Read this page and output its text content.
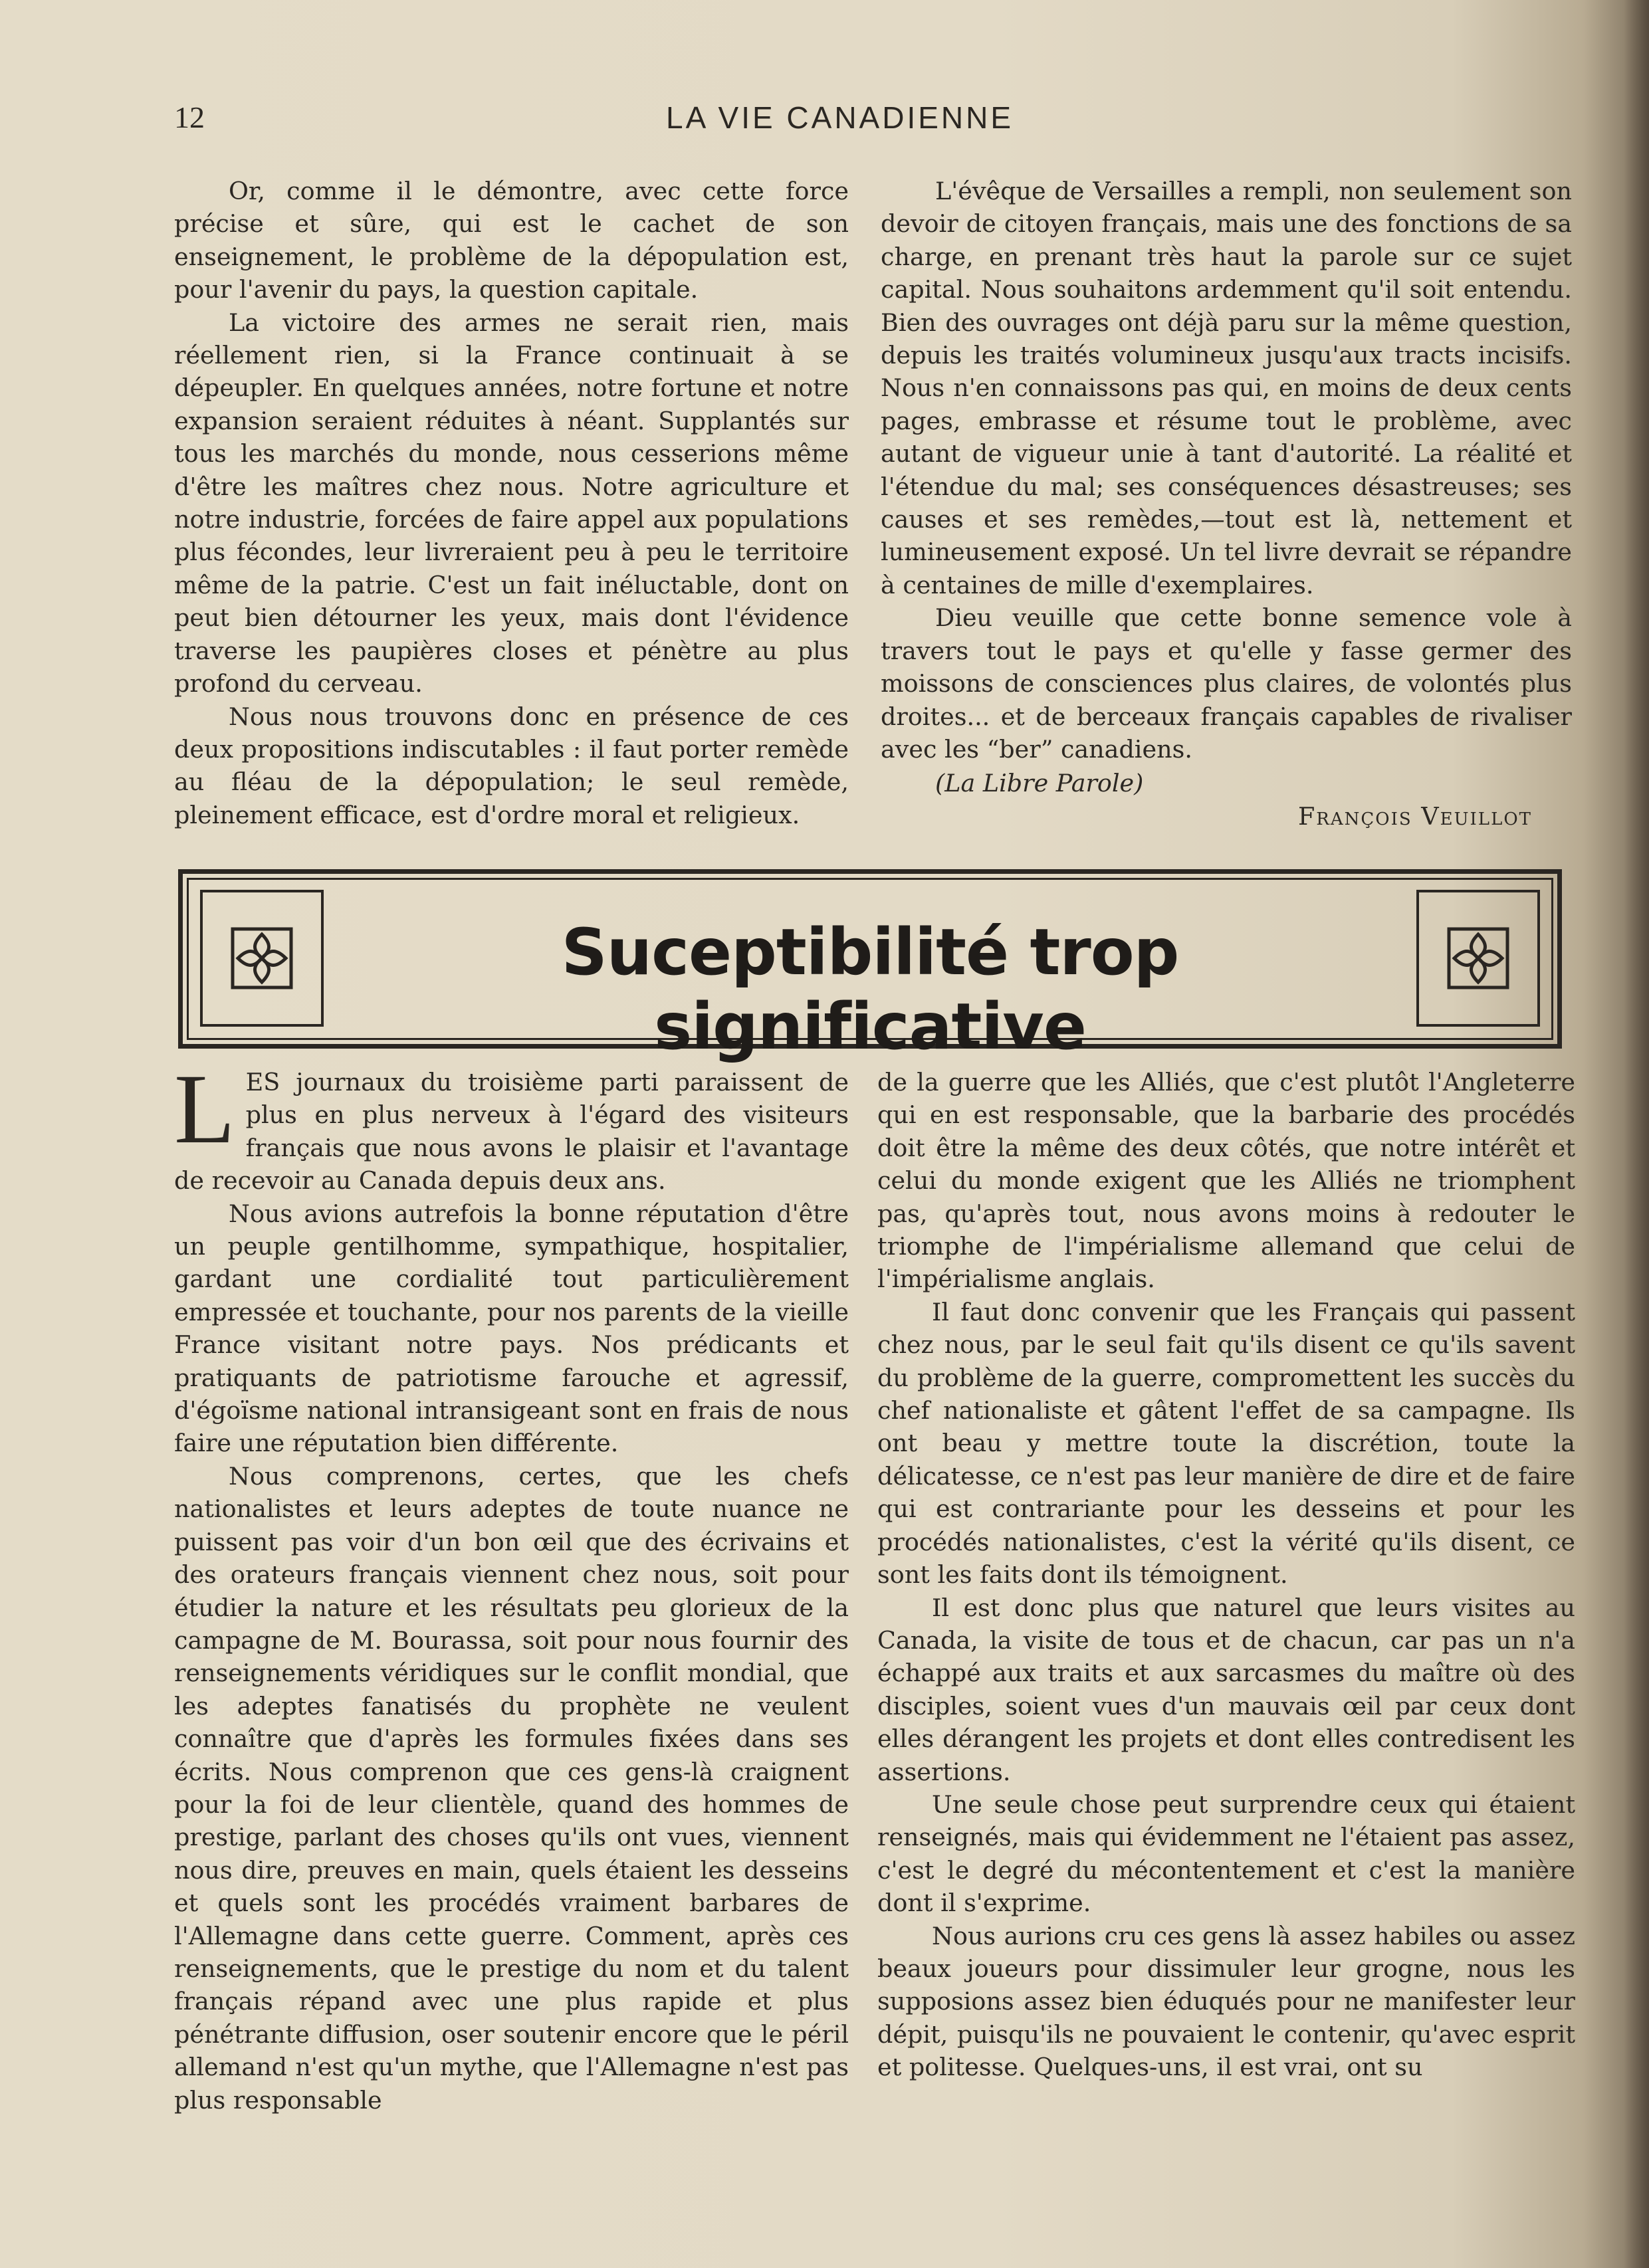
12	LA VIE CANADIENNE

Or, comme il le démontre, avec cette force précise et sûre, qui est le cachet de son enseignement, le problème de la dépopulation est, pour l'avenir du pays, la question capitale.

La victoire des armes ne serait rien, mais réellement rien, si la France continuait à se dépeupler. En quelques années, notre fortune et notre expansion seraient réduites à néant. Supplantés sur tous les marchés du monde, nous cesserions même d'être les maîtres chez nous. Notre agriculture et notre industrie, forcées de faire appel aux populations plus fécondes, leur livreraient peu à peu le territoire même de la patrie. C'est un fait inéluctable, dont on peut bien détourner les yeux, mais dont l'évidence traverse les paupières closes et pénètre au plus profond du cerveau.

Nous nous trouvons donc en présence de ces deux propositions indiscutables : il faut porter remède au fléau de la dépopulation; le seul remède, pleinement efficace, est d'ordre moral et religieux.

L'évêque de Versailles a rempli, non seulement son devoir de citoyen français, mais une des fonctions de sa charge, en prenant très haut la parole sur ce sujet capital. Nous souhaitons ardemment qu'il soit entendu. Bien des ouvrages ont déjà paru sur la même question, depuis les traités volumineux jusqu'aux tracts incisifs. Nous n'en connaissons pas qui, en moins de deux cents pages, embrasse et résume tout le problème, avec autant de vigueur unie à tant d'autorité. La réalité et l'étendue du mal; ses conséquences désastreuses; ses causes et ses remèdes,—tout est là, nettement et lumineusement exposé. Un tel livre devrait se répandre à centaines de mille d'exemplaires.

Dieu veuille que cette bonne semence vole à travers tout le pays et qu'elle y fasse germer des moissons de consciences plus claires, de volontés plus droites... et de berceaux français capables de rivaliser avec les “ber” canadiens.

(La Libre Parole)

François Veuillot

Suceptibilité trop significative

LES journaux du troisième parti paraissent de plus en plus nerveux à l'égard des visiteurs français que nous avons le plaisir et l'avantage de recevoir au Canada depuis deux ans.

Nous avions autrefois la bonne réputation d'être un peuple gentilhomme, sympathique, hospitalier, gardant une cordialité tout particulièrement empressée et touchante, pour nos parents de la vieille France visitant notre pays. Nos prédicants et pratiquants de patriotisme farouche et agressif, d'égoïsme national intransigeant sont en frais de nous faire une réputation bien différente.

Nous comprenons, certes, que les chefs nationalistes et leurs adeptes de toute nuance ne puissent pas voir d'un bon œil que des écrivains et des orateurs français viennent chez nous, soit pour étudier la nature et les résultats peu glorieux de la campagne de M. Bourassa, soit pour nous fournir des renseignements véridiques sur le conflit mondial, que les adeptes fanatisés du prophète ne veulent connaître que d'après les formules fixées dans ses écrits. Nous comprenon que ces gens-là craignent pour la foi de leur clientèle, quand des hommes de prestige, parlant des choses qu'ils ont vues, viennent nous dire, preuves en main, quels étaient les desseins et quels sont les procédés vraiment barbares de l'Allemagne dans cette guerre. Comment, après ces renseignements, que le prestige du nom et du talent français répand avec une plus rapide et plus pénétrante diffusion, oser soutenir encore que le péril allemand n'est qu'un mythe, que l'Allemagne n'est pas plus responsable

de la guerre que les Alliés, que c'est plutôt l'Angleterre qui en est responsable, que la barbarie des procédés doit être la même des deux côtés, que notre intérêt et celui du monde exigent que les Alliés ne triomphent pas, qu'après tout, nous avons moins à redouter le triomphe de l'impérialisme allemand que celui de l'impérialisme anglais.

Il faut donc convenir que les Français qui passent chez nous, par le seul fait qu'ils disent ce qu'ils savent du problème de la guerre, compromettent les succès du chef nationaliste et gâtent l'effet de sa campagne. Ils ont beau y mettre toute la discrétion, toute la délicatesse, ce n'est pas leur manière de dire et de faire qui est contrariante pour les desseins et pour les procédés nationalistes, c'est la vérité qu'ils disent, ce sont les faits dont ils témoignent.

Il est donc plus que naturel que leurs visites au Canada, la visite de tous et de chacun, car pas un n'a échappé aux traits et aux sarcasmes du maître où des disciples, soient vues d'un mauvais œil par ceux dont elles dérangent les projets et dont elles contredisent les assertions.

Une seule chose peut surprendre ceux qui étaient renseignés, mais qui évidemment ne l'étaient pas assez, c'est le degré du mécontentement et c'est la manière dont il s'exprime.

Nous aurions cru ces gens là assez habiles ou assez beaux joueurs pour dissimuler leur grogne, nous les supposions assez bien éduqués pour ne manifester leur dépit, puisqu'ils ne pouvaient le contenir, qu'avec esprit et politesse. Quelques-uns, il est vrai, ont su
